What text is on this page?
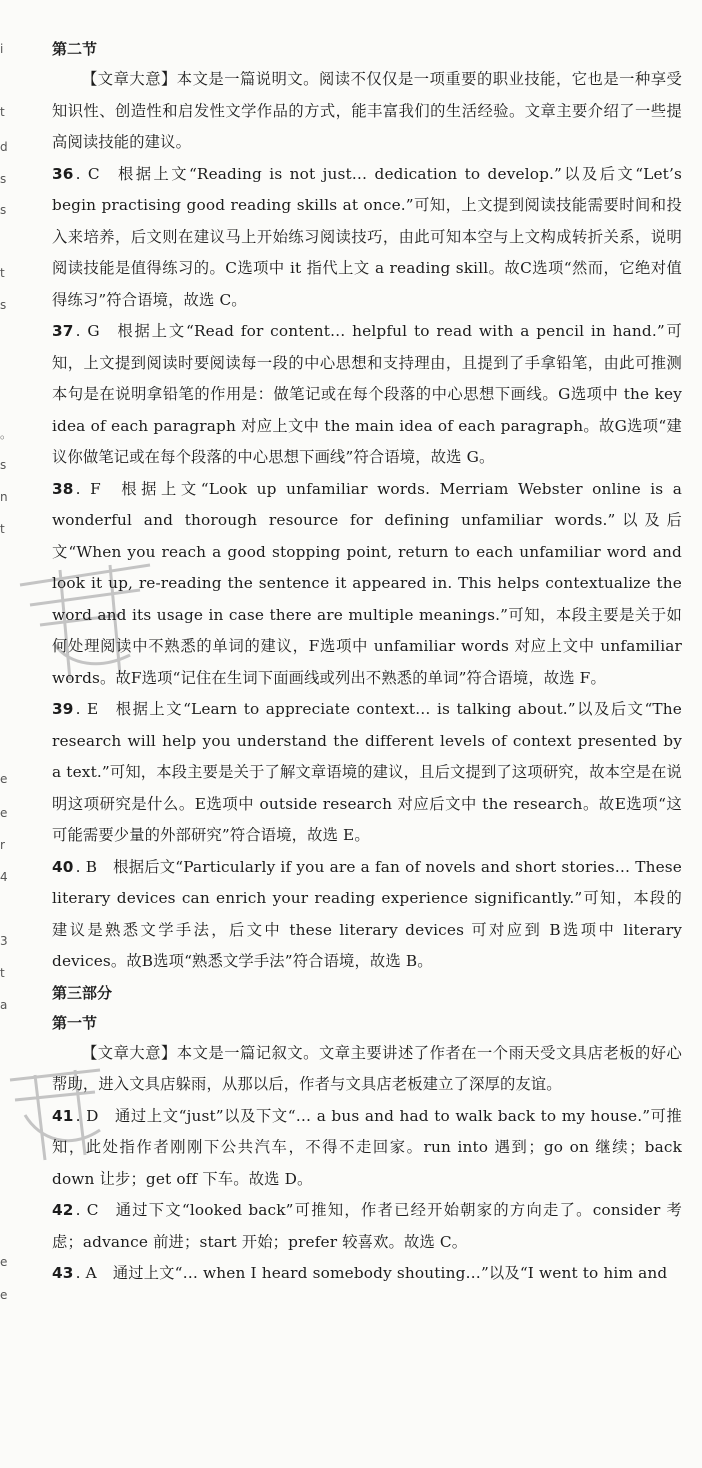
i
t
d
s
s
t
s
。
s
n
t
e
e
r
4
3
t
a
e
e

第二节

【文章大意】本文是一篇说明文。阅读不仅仅是一项重要的职业技能，它也是一种享受知识性、创造性和启发性文学作品的方式，能丰富我们的生活经验。文章主要介绍了一些提高阅读技能的建议。

36 . C 根据上文“Reading is not just… dedication to develop.”以及后文“Let’s begin practising good reading skills at once.”可知，上文提到阅读技能需要时间和投入来培养，后文则在建议马上开始练习阅读技巧，由此可知本空与上文构成转折关系，说明阅读技能是值得练习的。C选项中 it 指代上文 a reading skill。故C选项“然而，它绝对值得练习”符合语境，故选 C。

37 . G 根据上文“Read for content… helpful to read with a pencil in hand.”可知，上文提到阅读时要阅读每一段的中心思想和支持理由，且提到了手拿铅笔，由此可推测本句是在说明拿铅笔的作用是：做笔记或在每个段落的中心思想下画线。G选项中 the key idea of each paragraph 对应上文中 the main idea of each paragraph。故G选项“建议你做笔记或在每个段落的中心思想下画线”符合语境，故选 G。

38 . F 根据上文“Look up unfamiliar words. Merriam Webster online is a wonderful and thorough resource for defining unfamiliar words.”以及后文“When you reach a good stopping point, return to each unfamiliar word and look it up, re-reading the sentence it appeared in. This helps contextualize the word and its usage in case there are multiple meanings.”可知，本段主要是关于如何处理阅读中不熟悉的单词的建议，F选项中 unfamiliar words 对应上文中 unfamiliar words。故F选项“记住在生词下面画线或列出不熟悉的单词”符合语境，故选 F。

39 . E 根据上文“Learn to appreciate context… is talking about.”以及后文“The research will help you understand the different levels of context presented by a text.”可知，本段主要是关于了解文章语境的建议，且后文提到了这项研究，故本空是在说明这项研究是什么。E选项中 outside research 对应后文中 the research。故E选项“这可能需要少量的外部研究”符合语境，故选 E。

40 . B 根据后文“Particularly if you are a fan of novels and short stories… These literary devices can enrich your reading experience significantly.”可知，本段的建议是熟悉文学手法，后文中 these literary devices 可对应到 B选项中 literary devices。故B选项“熟悉文学手法”符合语境，故选 B。

第三部分

第一节

【文章大意】本文是一篇记叙文。文章主要讲述了作者在一个雨天受文具店老板的好心帮助，进入文具店躲雨，从那以后，作者与文具店老板建立了深厚的友谊。

41 . D 通过上文“just”以及下文“… a bus and had to walk back to my house.”可推知，此处指作者刚刚下公共汽车，不得不走回家。run into 遇到；go on 继续；back down 让步；get off 下车。故选 D。

42 . C 通过下文“looked back”可推知，作者已经开始朝家的方向走了。consider 考虑；advance 前进；start 开始；prefer 较喜欢。故选 C。

43 . A 通过上文“… when I heard somebody shouting…”以及“I went to him and
